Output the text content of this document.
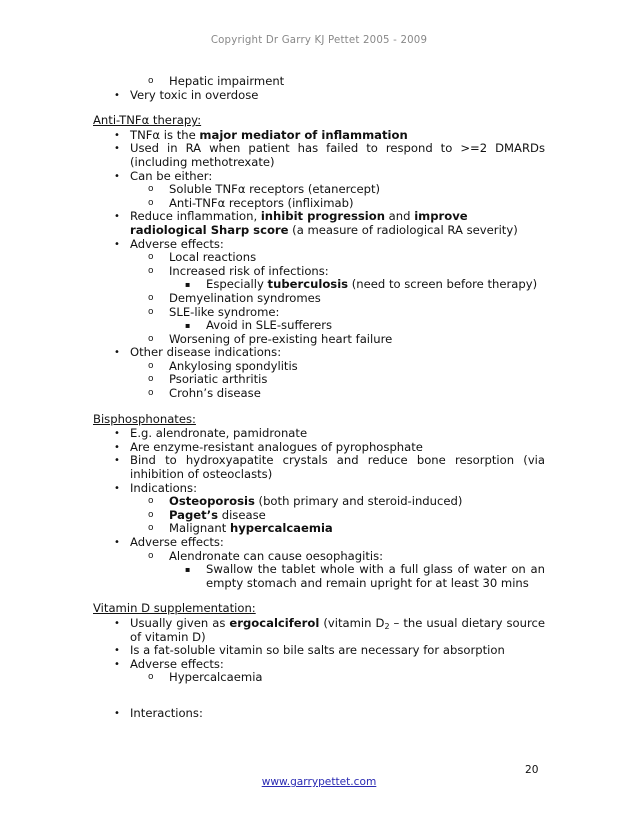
Copyright Dr Garry KJ Pettet 2005 - 2009
o Hepatic impairment
• Very toxic in overdose
Anti-TNFα therapy:
• TNFα is the major mediator of inflammation
• Used in RA when patient has failed to respond to >=2 DMARDs (including methotrexate)
• Can be either:
o Soluble TNFα receptors (etanercept)
o Anti-TNFα receptors (infliximab)
• Reduce inflammation, inhibit progression and improve radiological Sharp score (a measure of radiological RA severity)
• Adverse effects:
o Local reactions
o Increased risk of infections:
▪ Especially tuberculosis (need to screen before therapy)
o Demyelination syndromes
o SLE-like syndrome:
▪ Avoid in SLE-sufferers
o Worsening of pre-existing heart failure
• Other disease indications:
o Ankylosing spondylitis
o Psoriatic arthritis
o Crohn’s disease
Bisphosphonates:
• E.g. alendronate, pamidronate
• Are enzyme-resistant analogues of pyrophosphate
• Bind to hydroxyapatite crystals and reduce bone resorption (via inhibition of osteoclasts)
• Indications:
o Osteoporosis (both primary and steroid-induced)
o Paget’s disease
o Malignant hypercalcaemia
• Adverse effects:
o Alendronate can cause oesophagitis:
▪ Swallow the tablet whole with a full glass of water on an empty stomach and remain upright for at least 30 mins
Vitamin D supplementation:
• Usually given as ergocalciferol (vitamin $D_2$ – the usual dietary source of vitamin D)
• Is a fat-soluble vitamin so bile salts are necessary for absorption
• Adverse effects:
o Hypercalcaemia
• Interactions:
20
www.garrypettet.com
